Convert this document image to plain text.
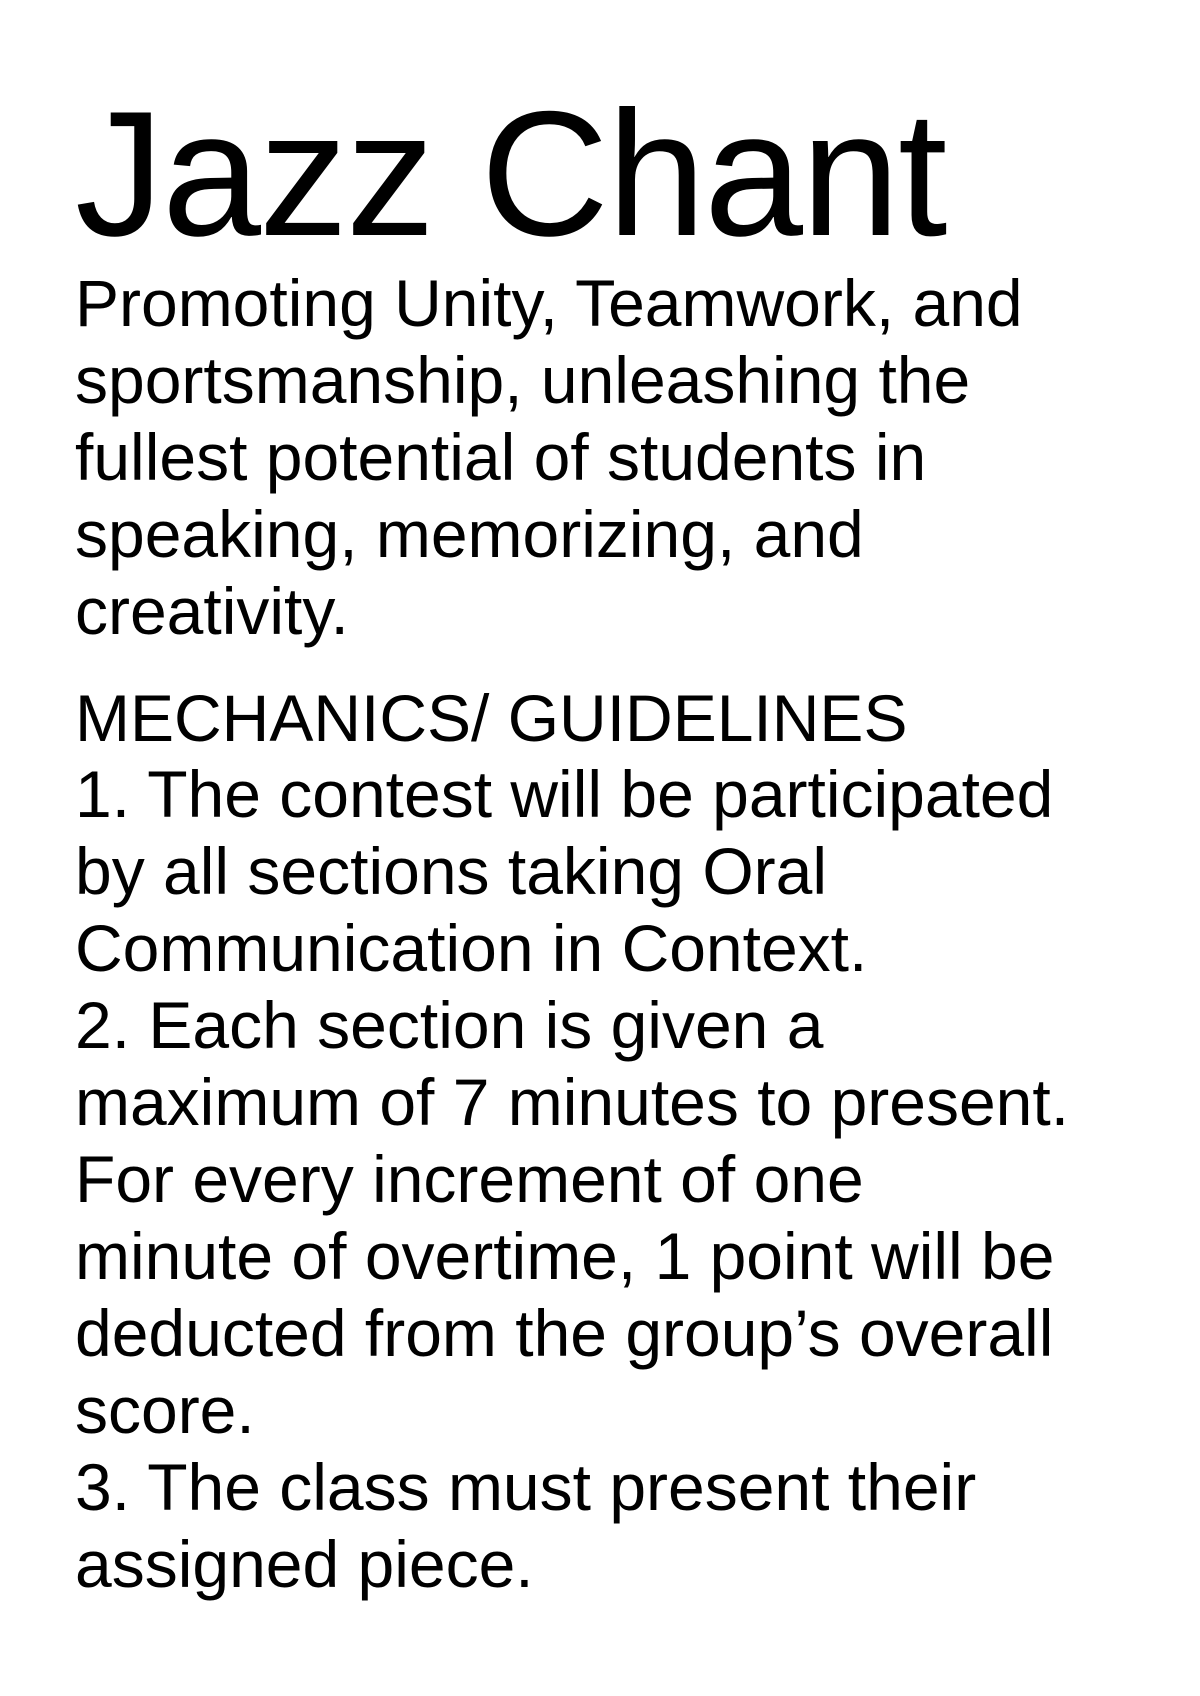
Jazz Chant
Promoting Unity, Teamwork, and
sportsmanship, unleashing the
fullest potential of students in
speaking, memorizing, and
creativity.
MECHANICS/ GUIDELINES

1. The contest will be participated

by all sections taking Oral

Communication in Context.

2. Each section is given a

maximum of 7 minutes to present.

For every increment of one

minute of overtime, 1 point will be

deducted from the group’s overall

score.

3. The class must present their

assigned piece.
